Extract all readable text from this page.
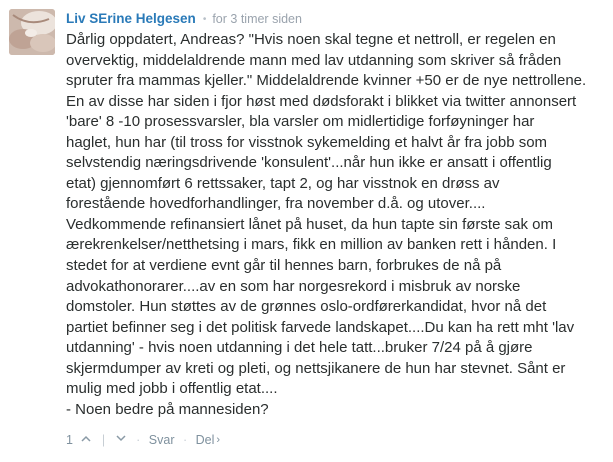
Liv SErine Helgesen • for 3 timer siden

Dårlig oppdatert, Andreas? "Hvis noen skal tegne et nettroll, er regelen en

overvektig, middelaldrende mann med lav utdanning som skriver så fråden

spruter fra mammas kjeller." Middelaldrende kvinner +50 er de nye nettrollene.

En av disse har siden i fjor høst med dødsforakt i blikket via twitter annonsert

'bare' 8 -10 prosessvarsler, bla varsler om midlertidige forføyninger har

haglet, hun har (til tross for visstnok sykemelding et halvt år fra jobb som

selvstendig næringsdrivende 'konsulent'...når hun ikke er ansatt i offentlig

etat) gjennomført 6 rettssaker, tapt 2, og har visstnok en drøss av

forestående hovedforhandlinger, fra november d.å. og utover....

Vedkommende refinansiert lånet på huset, da hun tapte sin første sak om

ærekrenkelser/netthetsing i mars, fikk en million av banken rett i hånden. I

stedet for at verdiene evnt går til hennes barn, forbrukes de nå på

advokathonorarer....av en som har norgesrekord i misbruk av norske

domstoler. Hun støttes av de grønnes oslo-ordførerkandidat, hvor nå det

partiet befinner seg i det politisk farvede landskapet....Du kan ha rett mht 'lav

utdanning' - hvis noen utdanning i det hele tatt...bruker 7/24 på å gjøre

skjermdumper av kreti og pleti, og nettsjikanere de hun har stevnet. Sånt er

mulig med jobb i offentlig etat....

- Noen bedre på mannesiden?

1 | · Svar · Del ›
